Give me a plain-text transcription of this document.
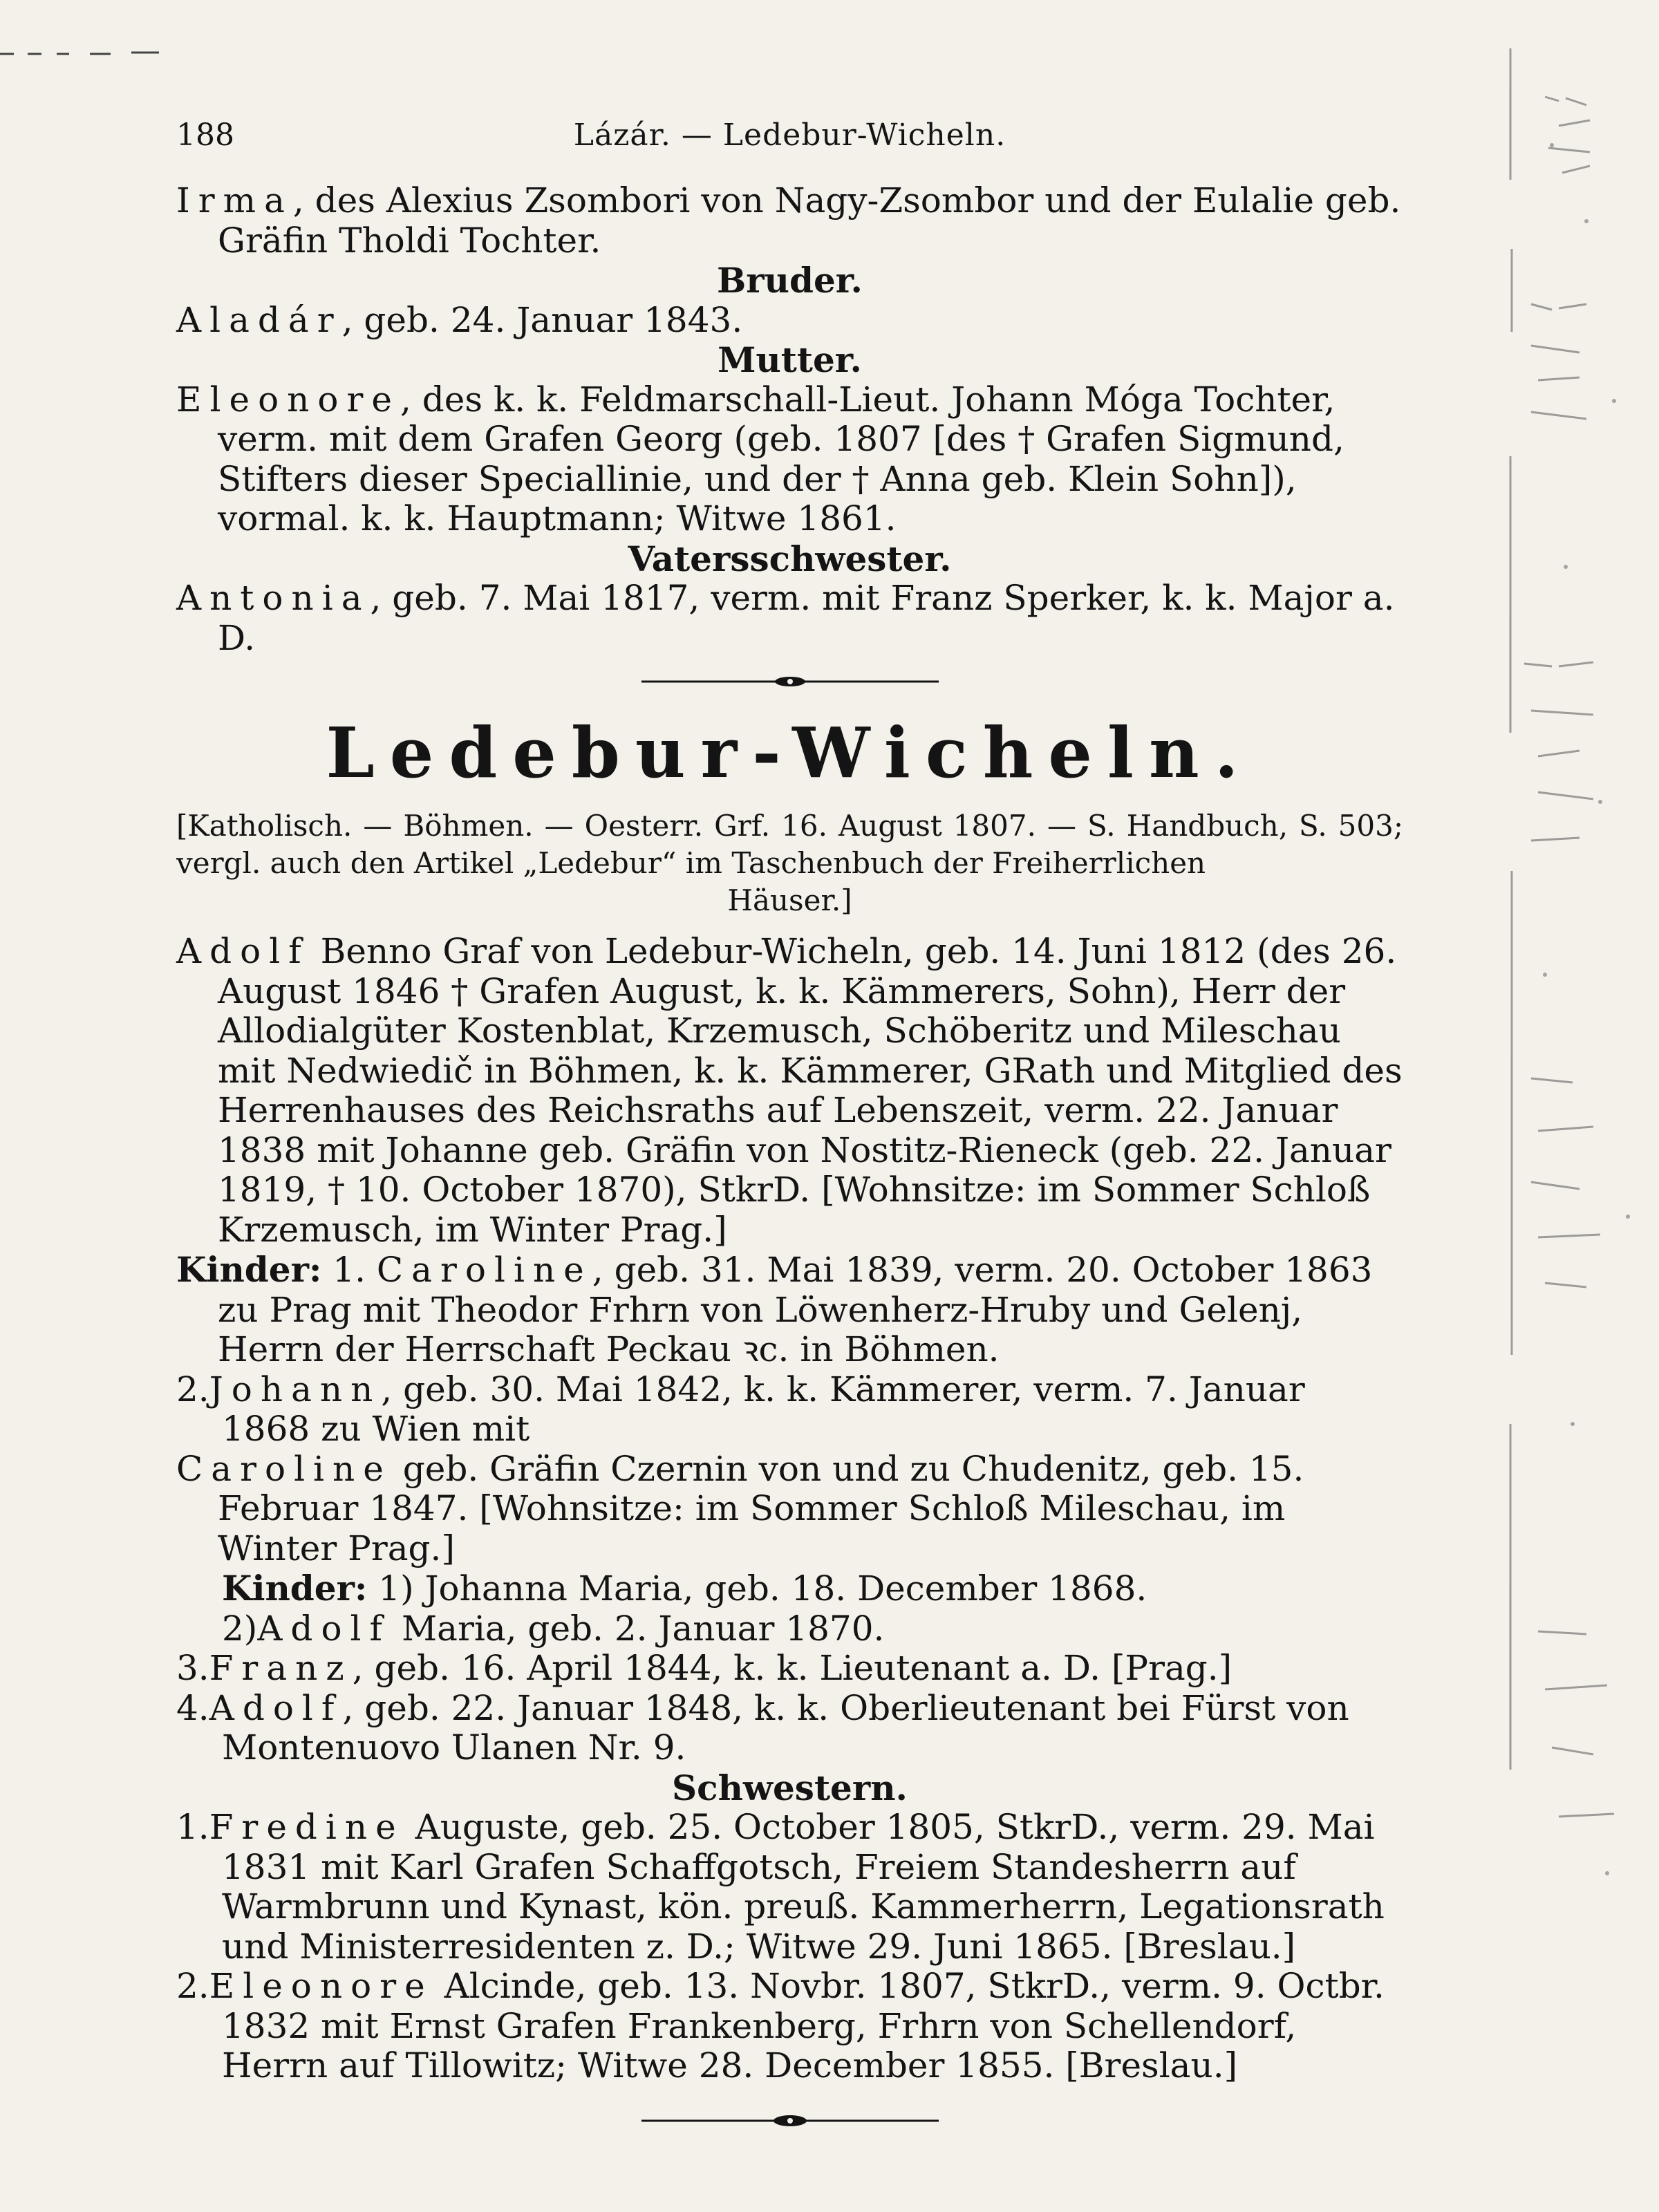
188	Lázár. — Ledebur-Wicheln.

Irma, des Alexius Zsombori von Nagy-Zsombor und der Eulalie geb. Gräfin Tholdi Tochter.

Bruder.

Aladár, geb. 24. Januar 1843.

Mutter.

Eleonore, des k. k. Feldmarschall-Lieut. Johann Móga Tochter, verm. mit dem Grafen Georg (geb. 1807 [des † Grafen Sigmund, Stifters dieser Speciallinie, und der † Anna geb. Klein Sohn]), vormal. k. k. Hauptmann; Witwe 1861.

Vatersschwester.

Antonia, geb. 7. Mai 1817, verm. mit Franz Sperker, k. k. Major a. D.

Ledebur-Wicheln.

[Katholisch. — Böhmen. — Oesterr. Grf. 16. August 1807. — S. Handbuch, S. 503; vergl. auch den Artikel „Ledebur“ im Taschenbuch der Freiherrlichen
Häuser.]

Adolf Benno Graf von Ledebur-Wicheln, geb. 14. Juni 1812 (des 26. August 1846 † Grafen August, k. k. Kämmerers, Sohn), Herr der Allodialgüter Kostenblat, Krzemusch, Schöberitz und Mileschau mit Nedwiedič in Böhmen, k. k. Kämmerer, GRath und Mitglied des Herrenhauses des Reichsraths auf Lebenszeit, verm. 22. Januar 1838 mit Johanne geb. Gräfin von Nostitz-Rieneck (geb. 22. Januar 1819, † 10. October 1870), StkrD. [Wohnsitze: im Sommer Schloß Krzemusch, im Winter Prag.]

Kinder: 1. Caroline, geb. 31. Mai 1839, verm. 20. October 1863 zu Prag mit Theodor Frhrn von Löwenherz-Hruby und Gelenj, Herrn der Herrschaft Peckau ꝛc. in Böhmen.

2.Johann, geb. 30. Mai 1842, k. k. Kämmerer, verm. 7. Januar 1868 zu Wien mit

Caroline geb. Gräfin Czernin von und zu Chudenitz, geb. 15. Februar 1847. [Wohnsitze: im Sommer Schloß Mileschau, im Winter Prag.]

Kinder: 1) Johanna Maria, geb. 18. December 1868.

2)Adolf Maria, geb. 2. Januar 1870.

3.Franz, geb. 16. April 1844, k. k. Lieutenant a. D. [Prag.]

4.Adolf, geb. 22. Januar 1848, k. k. Oberlieutenant bei Fürst von Montenuovo Ulanen Nr. 9.

Schwestern.

1.Fredine Auguste, geb. 25. October 1805, StkrD., verm. 29. Mai 1831 mit Karl Grafen Schaffgotsch, Freiem Standesherrn auf Warmbrunn und Kynast, kön. preuß. Kammerherrn, Legationsrath und Ministerresidenten z. D.; Witwe 29. Juni 1865. [Breslau.]

2.Eleonore Alcinde, geb. 13. Novbr. 1807, StkrD., verm. 9. Octbr. 1832 mit Ernst Grafen Frankenberg, Frhrn von Schellendorf, Herrn auf Tillowitz; Witwe 28. December 1855. [Breslau.]
